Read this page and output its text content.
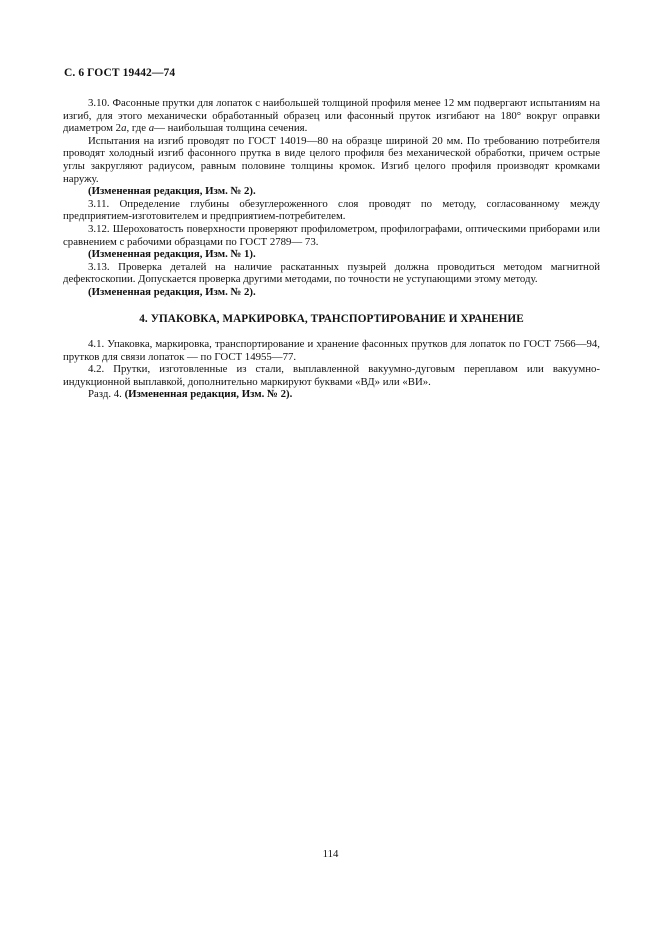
С. 6 ГОСТ 19442—74

3.10. Фасонные прутки для лопаток с наибольшей толщиной профиля менее 12 мм подвергают испытаниям на изгиб, для этого механически обработанный образец или фасонный пруток изгибают на 180° вокруг оправки диаметром 2а, где а— наибольшая толщина сечения.

Испытания на изгиб проводят по ГОСТ 14019—80 на образце шириной 20 мм. По требованию потребителя проводят холодный изгиб фасонного прутка в виде целого профиля без механической обработки, причем острые углы закругляют радиусом, равным половине толщины кромок. Изгиб целого профиля производят кромками наружу.

(Измененная редакция, Изм. № 2).

3.11. Определение глубины обезуглероженного слоя проводят по методу, согласованному между предприятием-изготовителем и предприятием-потребителем.

3.12. Шероховатость поверхности проверяют профилометром, профилографами, оптическими приборами или сравнением с рабочими образцами по ГОСТ 2789— 73.

(Измененная редакция, Изм. № 1).

3.13. Проверка деталей на наличие раскатанных пузырей должна проводиться методом магнитной дефектоскопии. Допускается проверка другими методами, по точности не уступающими этому методу.

(Измененная редакция, Изм. № 2).

4. УПАКОВКА, МАРКИРОВКА, ТРАНСПОРТИРОВАНИЕ И ХРАНЕНИЕ

4.1. Упаковка, маркировка, транспортирование и хранение фасонных прутков для лопаток по ГОСТ 7566—94, прутков для связи лопаток — по ГОСТ 14955—77.

4.2. Прутки, изготовленные из стали, выплавленной вакуумно-дуговым переплавом или вакуумно-индукционной выплавкой, дополнительно маркируют буквами «ВД» или «ВИ».

Разд. 4. (Измененная редакция, Изм. № 2).

114
